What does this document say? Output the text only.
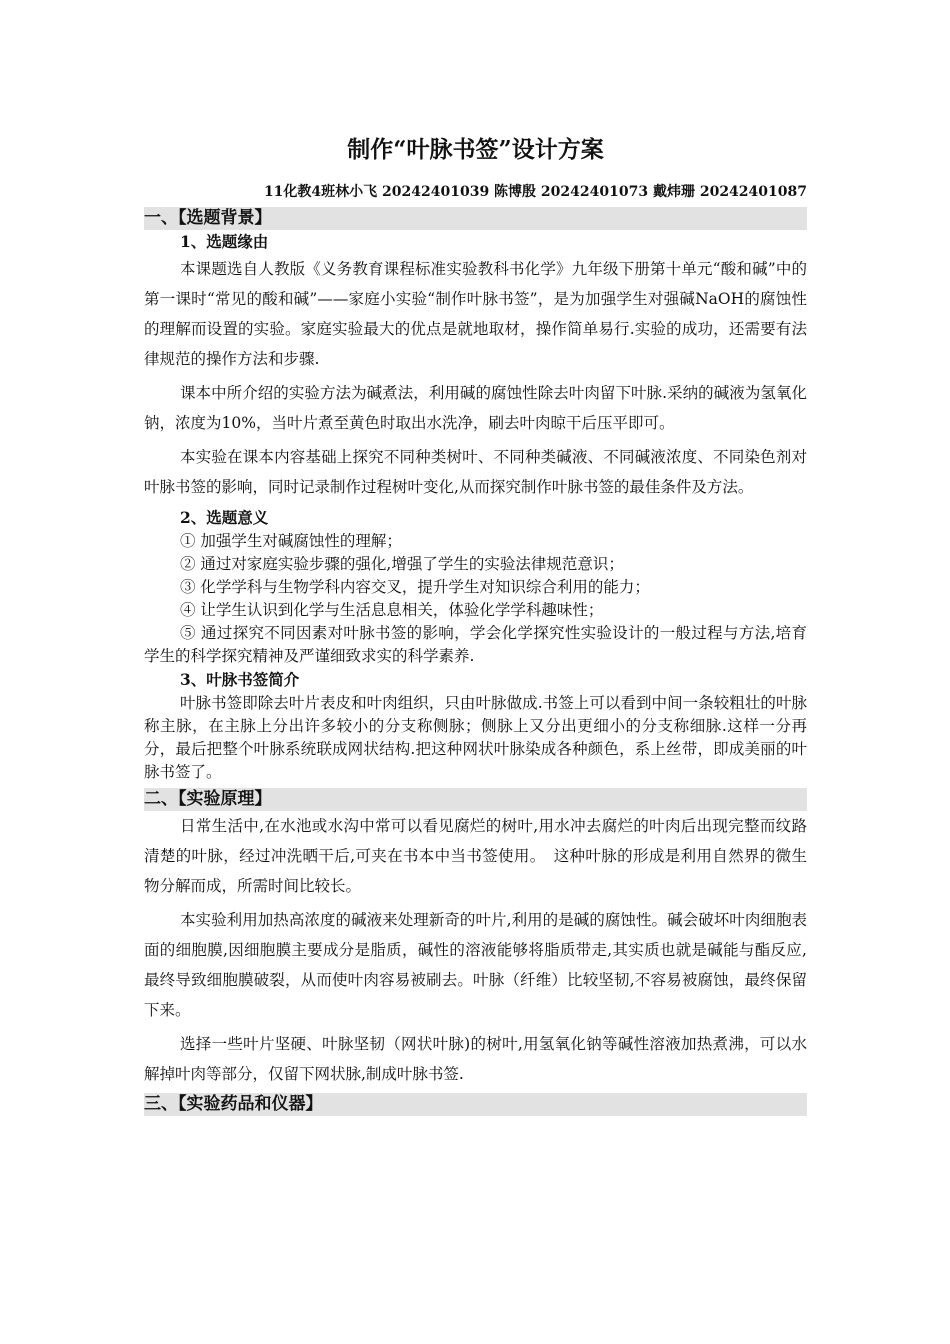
制作“叶脉书签”设计方案
11化教4班林小飞 20242401039 陈博殷 20242401073 戴炜珊 20242401087
一、【选题背景】
1、选题缘由

本课题选自人教版《义务教育课程标准实验教科书化学》九年级下册第十单元“酸和碱”中的第一课时“常见的酸和碱”——家庭小实验“制作叶脉书签”，是为加强学生对强碱NaOH的腐蚀性的理解而设置的实验。家庭实验最大的优点是就地取材，操作简单易行.实验的成功，还需要有法律规范的操作方法和步骤.

课本中所介绍的实验方法为碱煮法，利用碱的腐蚀性除去叶肉留下叶脉.采纳的碱液为氢氧化钠，浓度为10%，当叶片煮至黄色时取出水洗净，刷去叶肉晾干后压平即可。

本实验在课本内容基础上探究不同种类树叶、不同种类碱液、不同碱液浓度、不同染色剂对叶脉书签的影响，同时记录制作过程树叶变化,从而探究制作叶脉书签的最佳条件及方法。

2、选题意义

① 加强学生对碱腐蚀性的理解；

② 通过对家庭实验步骤的强化,增强了学生的实验法律规范意识；

③ 化学学科与生物学科内容交叉，提升学生对知识综合利用的能力；

④ 让学生认识到化学与生活息息相关，体验化学学科趣味性；

⑤ 通过探究不同因素对叶脉书签的影响，学会化学探究性实验设计的一般过程与方法,培育学生的科学探究精神及严谨细致求实的科学素养.

3、叶脉书签简介

叶脉书签即除去叶片表皮和叶肉组织，只由叶脉做成.书签上可以看到中间一条较粗壮的叶脉称主脉，在主脉上分出许多较小的分支称侧脉；侧脉上又分出更细小的分支称细脉.这样一分再分，最后把整个叶脉系统联成网状结构.把这种网状叶脉染成各种颜色，系上丝带，即成美丽的叶脉书签了。

二、【实验原理】

日常生活中,在水池或水沟中常可以看见腐烂的树叶,用水冲去腐烂的叶肉后出现完整而纹路清楚的叶脉，经过冲洗晒干后,可夹在书本中当书签使用。　这种叶脉的形成是利用自然界的微生物分解而成，所需时间比较长。

本实验利用加热高浓度的碱液来处理新奇的叶片,利用的是碱的腐蚀性。碱会破坏叶肉细胞表面的细胞膜,因细胞膜主要成分是脂质，碱性的溶液能够将脂质带走,其实质也就是碱能与酯反应,最终导致细胞膜破裂，从而使叶肉容易被刷去。叶脉（纤维）比较坚韧,不容易被腐蚀，最终保留下来。

选择一些叶片坚硬、叶脉坚韧（网状叶脉)的树叶,用氢氧化钠等碱性溶液加热煮沸，可以水解掉叶肉等部分，仅留下网状脉,制成叶脉书签.

三、【实验药品和仪器】
